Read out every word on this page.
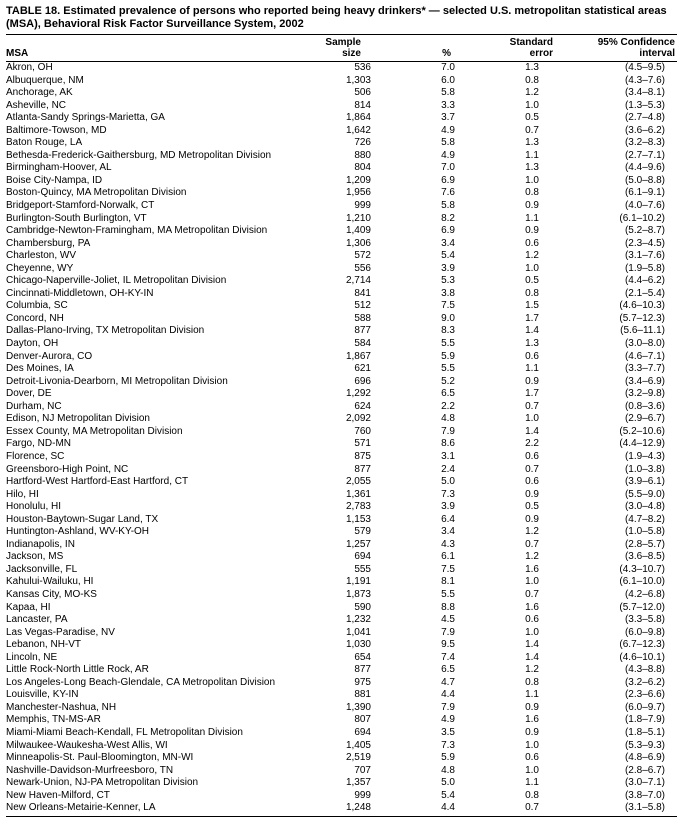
TABLE 18. Estimated prevalence of persons who reported being heavy drinkers* — selected U.S. metropolitan statistical areas (MSA), Behavioral Risk Factor Surveillance System, 2002
	Sample		Standard	95% Confidence
MSA	size	%	error	interval
Akron, OH	536	7.0	1.3	(4.5–9.5)
Albuquerque, NM	1,303	6.0	0.8	(4.3–7.6)
Anchorage, AK	506	5.8	1.2	(3.4–8.1)
Asheville, NC	814	3.3	1.0	(1.3–5.3)
Atlanta-Sandy Springs-Marietta, GA	1,864	3.7	0.5	(2.7–4.8)
Baltimore-Towson, MD	1,642	4.9	0.7	(3.6–6.2)
Baton Rouge, LA	726	5.8	1.3	(3.2–8.3)
Bethesda-Frederick-Gaithersburg, MD Metropolitan Division	880	4.9	1.1	(2.7–7.1)
Birmingham-Hoover, AL	804	7.0	1.3	(4.4–9.6)
Boise City-Nampa, ID	1,209	6.9	1.0	(5.0–8.8)
Boston-Quincy, MA Metropolitan Division	1,956	7.6	0.8	(6.1–9.1)
Bridgeport-Stamford-Norwalk, CT	999	5.8	0.9	(4.0–7.6)
Burlington-South Burlington, VT	1,210	8.2	1.1	(6.1–10.2)
Cambridge-Newton-Framingham, MA Metropolitan Division	1,409	6.9	0.9	(5.2–8.7)
Chambersburg, PA	1,306	3.4	0.6	(2.3–4.5)
Charleston, WV	572	5.4	1.2	(3.1–7.6)
Cheyenne, WY	556	3.9	1.0	(1.9–5.8)
Chicago-Naperville-Joliet, IL Metropolitan Division	2,714	5.3	0.5	(4.4–6.2)
Cincinnati-Middletown, OH-KY-IN	841	3.8	0.8	(2.1–5.4)
Columbia, SC	512	7.5	1.5	(4.6–10.3)
Concord, NH	588	9.0	1.7	(5.7–12.3)
Dallas-Plano-Irving, TX Metropolitan Division	877	8.3	1.4	(5.6–11.1)
Dayton, OH	584	5.5	1.3	(3.0–8.0)
Denver-Aurora, CO	1,867	5.9	0.6	(4.6–7.1)
Des Moines, IA	621	5.5	1.1	(3.3–7.7)
Detroit-Livonia-Dearborn, MI Metropolitan Division	696	5.2	0.9	(3.4–6.9)
Dover, DE	1,292	6.5	1.7	(3.2–9.8)
Durham, NC	624	2.2	0.7	(0.8–3.6)
Edison, NJ Metropolitan Division	2,092	4.8	1.0	(2.9–6.7)
Essex County, MA Metropolitan Division	760	7.9	1.4	(5.2–10.6)
Fargo, ND-MN	571	8.6	2.2	(4.4–12.9)
Florence, SC	875	3.1	0.6	(1.9–4.3)
Greensboro-High Point, NC	877	2.4	0.7	(1.0–3.8)
Hartford-West Hartford-East Hartford, CT	2,055	5.0	0.6	(3.9–6.1)
Hilo, HI	1,361	7.3	0.9	(5.5–9.0)
Honolulu, HI	2,783	3.9	0.5	(3.0–4.8)
Houston-Baytown-Sugar Land, TX	1,153	6.4	0.9	(4.7–8.2)
Huntington-Ashland, WV-KY-OH	579	3.4	1.2	(1.0–5.8)
Indianapolis, IN	1,257	4.3	0.7	(2.8–5.7)
Jackson, MS	694	6.1	1.2	(3.6–8.5)
Jacksonville, FL	555	7.5	1.6	(4.3–10.7)
Kahului-Wailuku, HI	1,191	8.1	1.0	(6.1–10.0)
Kansas City, MO-KS	1,873	5.5	0.7	(4.2–6.8)
Kapaa, HI	590	8.8	1.6	(5.7–12.0)
Lancaster, PA	1,232	4.5	0.6	(3.3–5.8)
Las Vegas-Paradise, NV	1,041	7.9	1.0	(6.0–9.8)
Lebanon, NH-VT	1,030	9.5	1.4	(6.7–12.3)
Lincoln, NE	654	7.4	1.4	(4.6–10.1)
Little Rock-North Little Rock, AR	877	6.5	1.2	(4.3–8.8)
Los Angeles-Long Beach-Glendale, CA Metropolitan Division	975	4.7	0.8	(3.2–6.2)
Louisville, KY-IN	881	4.4	1.1	(2.3–6.6)
Manchester-Nashua, NH	1,390	7.9	0.9	(6.0–9.7)
Memphis, TN-MS-AR	807	4.9	1.6	(1.8–7.9)
Miami-Miami Beach-Kendall, FL Metropolitan Division	694	3.5	0.9	(1.8–5.1)
Milwaukee-Waukesha-West Allis, WI	1,405	7.3	1.0	(5.3–9.3)
Minneapolis-St. Paul-Bloomington, MN-WI	2,519	5.9	0.6	(4.8–6.9)
Nashville-Davidson-Murfreesboro, TN	707	4.8	1.0	(2.8–6.7)
Newark-Union, NJ-PA Metropolitan Division	1,357	5.0	1.1	(3.0–7.1)
New Haven-Milford, CT	999	5.4	0.8	(3.8–7.0)
New Orleans-Metairie-Kenner, LA	1,248	4.4	0.7	(3.1–5.8)
